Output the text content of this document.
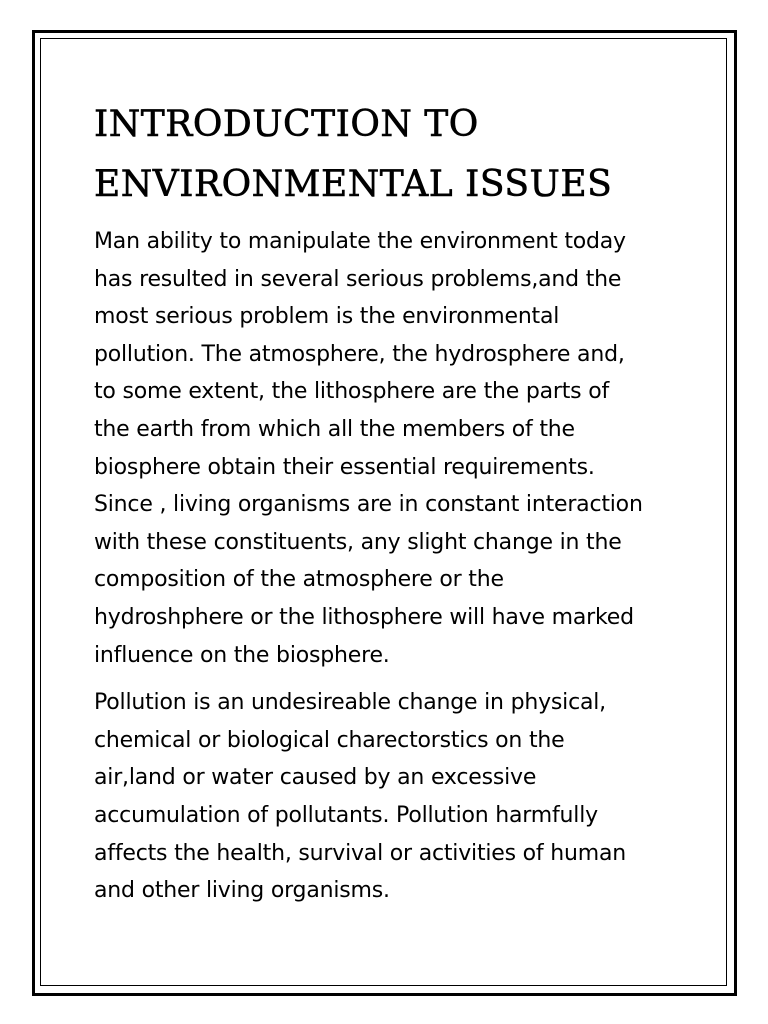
INTRODUCTION TO
ENVIRONMENTAL ISSUES

Man ability to manipulate the environment today
has resulted in several serious problems,and the
most serious problem is the environmental
pollution. The atmosphere, the hydrosphere and,
to some extent, the lithosphere are the parts of
the earth from which all the members of the
biosphere obtain their essential requirements.
Since , living organisms are in constant interaction
with these constituents, any slight change in the
composition of the atmosphere or the
hydroshphere or the lithosphere will have marked
influence on the biosphere.

Pollution is an undesireable change in physical,
chemical or biological charectorstics on the
air,land or water caused by an excessive
accumulation of pollutants. Pollution harmfully
affects the health, survival or activities of human
and other living organisms.
